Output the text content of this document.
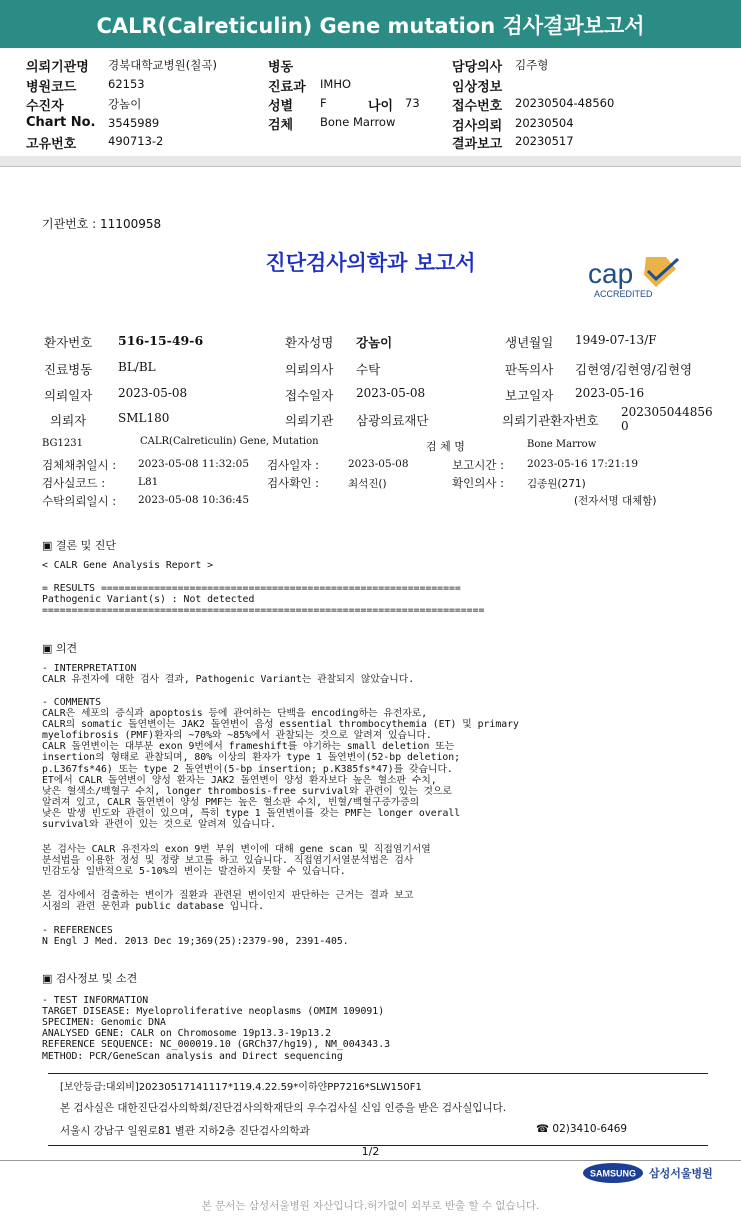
CALR(Calreticulin) Gene mutation 검사결과보고서
의뢰기관명 경북대학교병원(칠곡)
병원코드	62153
수진자	강놈이
Chart No. 3545989
고유번호	490713-2
병동
진료과 IMHO
성별 F	나이 73
검체 Bone Marrow
담당의사 김주형
임상정보
접수번호 20230504-48560
검사의뢰 20230504
결과보고 20230517
기관번호 : 11100958
진단검사의학과 보고서	cap
ACCREDITED
환자번호 516-15-49-6	환자성명 강놈이	생년월일 1949-07-13/F
진료병동 BL/BL	의뢰의사 수탁	판독의사 김현영/김현영/김현영
의뢰일자 2023-05-08	접수일자 2023-05-08	보고일자 2023-05-16
의뢰자	SML180	의뢰기관 삼광의료재단	의뢰기관환자번호
202305044856
0
BG1231	CALR(Calreticulin) Gene, Mutation	검 체 명	Bone Marrow
검체채취일시 : 2023-05-08 11:32:05 검사일자 :	2023-05-08	보고시간 : 2023-05-16 17:21:19
검사실코드 :	L81	검사확인 :	최석진()	확인의사 : 김종원(271)
수탁의뢰일시 : 2023-05-08 10:36:45	(전자서명 대체함)
▣ 결론 및 진단
< CALR Gene Analysis Report >
= RESULTS =============================================================
Pathogenic Variant(s) : Not detected
===========================================================================
▣ 의견
- INTERPRETATION
CALR 유전자에 대한 검사 결과, Pathogenic Variant는 관찰되지 않았습니다.
- COMMENTS
CALR은 세포의 증식과 apoptosis 등에 관여하는 단백을 encoding하는 유전자로,
CALR의 somatic 돌연변이는 JAK2 돌연변이 음성 essential thrombocythemia (ET) 및 primary
myelofibrosis (PMF)환자의 ~70%와 ~85%에서 관찰되는 것으로 알려져 있습니다.
CALR 돌연변이는 대부분 exon 9번에서 frameshift를 야기하는 small deletion 또는
insertion의 형태로 관찰되며, 80% 이상의 환자가 type 1 돌연변이(52-bp deletion;
p.L367fs*46) 또는 type 2 돌연변이(5-bp insertion; p.K385fs*47)를 갖습니다.
ET에서 CALR 돌연변이 양성 환자는 JAK2 돌연변이 양성 환자보다 높은 혈소판 수치,
낮은 혈색소/백혈구 수치, longer thrombosis-free survival와 관련이 있는 것으로
알려져 있고, CALR 돌연변이 양성 PMF는 높은 혈소판 수치, 빈혈/백혈구증가증의
낮은 발생 빈도와 관련이 있으며, 특히 type 1 돌연변이를 갖는 PMF는 longer overall
survival와 관련이 있는 것으로 알려져 있습니다.
본 검사는 CALR 유전자의 exon 9번 부위 변이에 대해 gene scan 및 직접염기서열
분석법을 이용한 정성 및 정량 보고를 하고 있습니다. 직접염기서열분석법은 검사
민감도상 일반적으로 5-10%의 변이는 발견하지 못할 수 있습니다.
본 검사에서 검출하는 변이가 질환과 관련된 변이인지 판단하는 근거는 결과 보고
시점의 관련 문헌과 public database 입니다.
- REFERENCES
N Engl J Med. 2013 Dec 19;369(25):2379-90, 2391-405.
▣ 검사정보 및 소견
- TEST INFORMATION
TARGET DISEASE: Myeloproliferative neoplasms (OMIM 109091)
SPECIMEN: Genomic DNA
ANALYSED GENE: CALR on Chromosome 19p13.3-19p13.2
REFERENCE SEQUENCE: NC_000019.10 (GRCh37/hg19), NM_004343.3
METHOD: PCR/GeneScan analysis and Direct sequencing
[보안등급:대외비]20230517141117*119.4.22.59*이하얀PP7216*SLW150F1
본 검사실은 대한진단검사의학회/진단검사의학재단의 우수검사실 신임 인증을 받은 검사실입니다.
서울시 강남구 일원로81 별관 지하2층 진단검사의학과	☎ 02)3410-6469
1/2
SAMSUNG 삼성서울병원
본 문서는 삼성서울병원 자산입니다.허가없이 외부로 반출 할 수 없습니다.
